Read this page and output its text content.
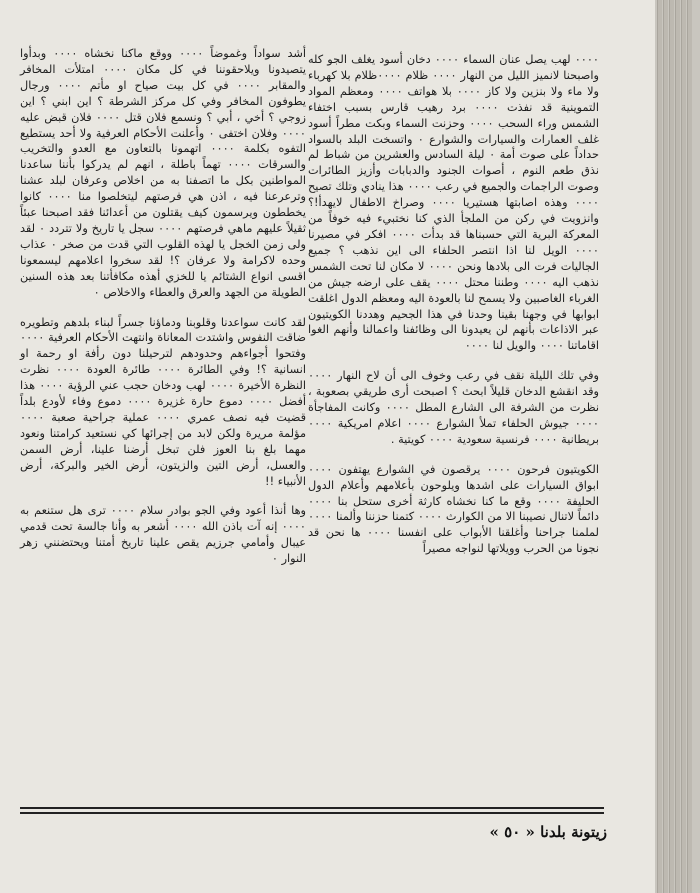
٠٠٠٠ لهب يصل عنان السماء ٠٠٠٠ دخان أسود يغلف الجو كله واصبحنا لانميز الليل من النهار ٠٠٠٠ ظلام ٠٠٠٠ظلام بلا كهرباء ولا ماء ولا بنزين ولا كاز ٠٠٠٠ بلا هواتف ٠٠٠٠ ومعظم المواد التموينية قد نفذت ٠٠٠٠ برد رهيب قارس بسبب اختفاء الشمس وراء السحب ٠٠٠٠ وحزنت السماء وبكت مطراً أسود غلف العمارات والسيارات والشوارع ٠ واتسخت البلد بالسواد حداداً على صوت أمة ٠ ليلة السادس والعشرين من شباط لم نذق طعم النوم ، أصوات الجنود والدبابات وأزيز الطائرات وصوت الراجمات والجميع في رعب ٠٠٠٠ هذا ينادي وتلك تصيح ٠٠٠٠ وهذه اصابتها هستيريا ٠٠٠٠ وصراخ الاطفال لايهدأ!؟ وانزويت في ركن من الملجأ الذي كنا نختبيء فيه خوفاً من المعركة البرية التي حسبناها قد بدأت ٠٠٠٠ افكر في مصيرنا ٠٠٠٠ الويل لنا اذا انتصر الحلفاء الى اين نذهب ؟ جميع الجاليات فرت الى بلادها ونحن ٠٠٠٠ لا مكان لنا تحت الشمس نذهب اليه ٠٠٠٠ وطننا محتل ٠٠٠٠ يقف على ارضه جيش من الغرباء الغاصبين ولا يسمح لنا بالعودة اليه ومعظم الدول اغلقت ابوابها في وجهنا بقينا وحدنا في هذا الجحيم وهددنا الكويتيون عبر الاذاعات بأنهم لن يعيدونا الى وظائفنا واعمالنا وأنهم الغوا اقاماتنا ٠٠٠٠ والويل لنا ٠٠٠٠

وفي تلك الليلة نقف في رعب وخوف الى أن لاح النهار ٠٠٠٠ وقد انقشع الدخان قليلاً ابحث ؟ اصبحت أرى طريقي بصعوبة ، نظرت من الشرفة الى الشارع المطل ٠٠٠٠ وكانت المفاجأة ٠٠٠٠ جيوش الحلفاء تملأ الشوارع ٠٠٠٠ اعلام امريكية ٠٠٠٠ بريطانية ٠٠٠٠ فرنسية سعودية ٠٠٠٠ كويتية .

الكويتيون فرحون ٠٠٠٠ يرقصون في الشوارع يهتفون ٠٠٠٠ ابواق السيارات على اشدها ويلوحون بأعلامهم وأعلام الدول الحليفة ٠٠٠٠ وقع ما كنا نخشاه كارثة أخرى ستحل بنا ٠٠٠٠ دائماً لاتنال نصيبنا الا من الكوارث ٠٠٠٠ كتمنا حزننا وألمنا ٠٠٠٠ لملمنا جراحنا وأغلقنا الأبواب على انفسنا ٠٠٠٠ ها نحن قد نجونا من الحرب وويلاتها لنواجه مصيراً

أشد سواداً وغموضاً ٠٠٠٠ ووقع ماكنا نخشاه ٠٠٠٠ وبدأوا يتصيدونا ويلاحقوننا في كل مكان ٠٠٠٠ امتلأت المخافر والمقابر ٠٠٠٠ في كل بيت صياح او مأتم ٠٠٠٠ ورجال يطوفون المخافر وفي كل مركز الشرطة ؟ اين ابني ؟ اين زوجي ؟ أخي ، أبي ؟ ونسمع فلان قتل ٠٠٠٠ فلان قبض عليه ٠٠٠٠ وفلان اختفى ٠ وأعلنت الأحكام العرفية ولا أحد يستطيع التفوه بكلمة ٠٠٠٠ اتهمونا بالتعاون مع العدو والتخريب والسرقات ٠٠٠٠ تهماً باطلة ، انهم لم يدركوا بأننا ساعدنا المواطنين بكل ما اتصفنا به من اخلاص وعرفان لبلد عشنا وترعرعنا فيه ، اذن هي فرصتهم ليتخلصوا منا ٠٠٠٠ كانوا يخططون ويرسمون كيف يقتلون من أعدائنا فقد اصبحنا عبئاً ثقيلاً عليهم ماهي فرصتهم ٠٠٠٠ سجل يا تاريخ ولا تتردد ٠ لقد ولى زمن الخجل يا لهذه القلوب التي قدت من صخر ٠ عذاب وحده لاكرامة ولا عرفان ؟! لقد سخروا اعلامهم ليسمعونا اقسى انواع الشتائم يا للخزي أهذه مكافأتنا بعد هذه السنين الطويلة من الجهد والعرق والعطاء والاخلاص ٠

لقد كانت سواعدنا وقلوبنا ودماؤنا جسراً لبناء بلدهم وتطويره ضاقت النفوس واشتدت المعاناة وانتهت الأحكام العرفية ٠٠٠٠ وفتحوا أجواءهم وحدودهم لترحيلنا دون رأفة او رحمة او انسانية ؟! وفي الطائرة ٠٠٠٠ طائرة العودة ٠٠٠٠ نظرت النظرة الأخيرة ٠٠٠٠ لهب ودخان حجب عني الرؤية ٠٠٠٠ هذا أفضل ٠٠٠٠ دموع حارة غزيرة ٠٠٠٠ دموع وفاء لأودع بلداً قضيت فيه نصف عمري ٠٠٠٠ عملية جراحية صعبة ٠٠٠٠ مؤلمة مريرة ولكن لابد من إجرائها كي نستعيد كرامتنا ونعود مهما بلغ بنا العوز فلن تبخل أرضنا علينا، أرض السمن والعسل، أرض التين والزيتون، أرض الخير والبركة، أرض الأنبياء !!

وها أنذا أعود وفي الجو بوادر سلام ٠٠٠٠ ترى هل ستنعم به ٠٠٠٠ إنه آت باذن الله ٠٠٠٠ أشعر به وأنا جالسة تحت قدمي عيبال وأمامي جرزيم يقص علينا تاريخ أمتنا ويحتضنني زهر النوار ٠

زيتونة بلدنا « ٥٠ »
